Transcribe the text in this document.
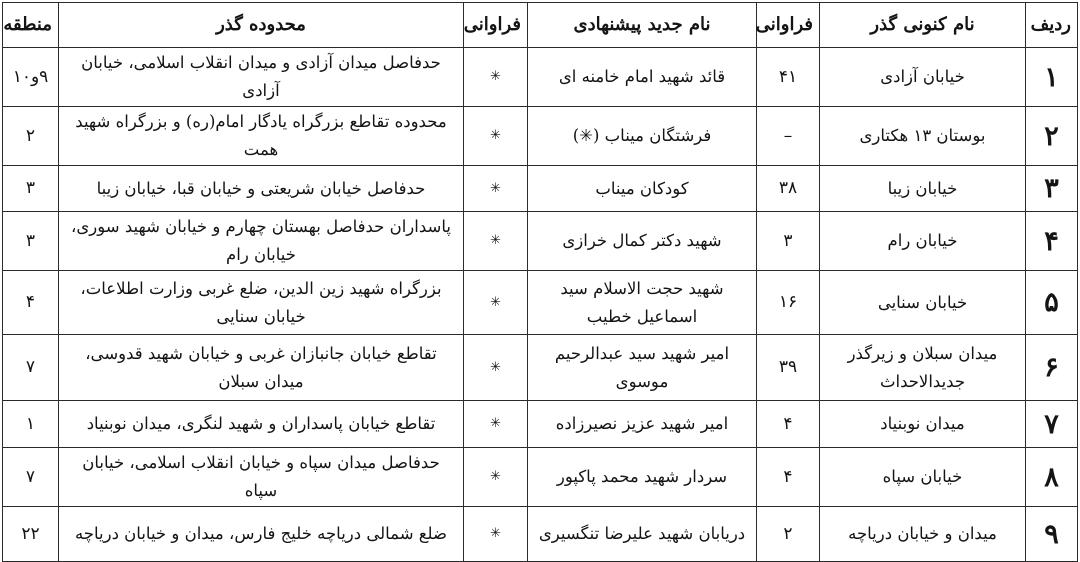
ردیف	نام کنونی گذر	فراوانی	نام جدید پیشنهادی	فراوانی	محدوده گذر	منطقه
۱	خیابان آزادی	۴۱	قائد شهید امام خامنه ای	✳	حدفاصل میدان آزادی و میدان انقلاب اسلامی، خیابان آزادی	۹و۱۰
۲	بوستان ۱۳ هکتاری	–	فرشتگان میناب (✳)	✳	محدوده تقاطع بزرگراه یادگار امام(ره) و بزرگراه شهید همت	۲
۳	خیابان زیبا	۳۸	کودکان میناب	✳	حدفاصل خیابان شریعتی و خیابان قبا، خیابان زیبا	۳
۴	خیابان رام	۳	شهید دکتر کمال خرازی	✳	پاسداران حدفاصل بهستان چهارم و خیابان شهید سوری، خیابان رام	۳
۵	خیابان سنایی	۱۶	شهید حجت الاسلام سید اسماعیل خطیب	✳	بزرگراه شهید زین الدین، ضلع غربی وزارت اطلاعات، خیابان سنایی	۴
۶	میدان سبلان و زیرگذر جدیدالاحداث	۳۹	امیر شهید سید عبدالرحیم موسوی	✳	تقاطع خیابان جانبازان غربی و خیابان شهید قدوسی، میدان سبلان	۷
۷	میدان نوبنیاد	۴	امیر شهید عزیز نصیرزاده	✳	تقاطع خیابان پاسداران و شهید لنگری، میدان نوبنیاد	۱
۸	خیابان سپاه	۴	سردار شهید محمد پاکپور	✳	حدفاصل میدان سپاه و خیابان انقلاب اسلامی، خیابان سپاه	۷
۹	میدان و خیابان دریاچه	۲	دریابان شهید علیرضا تنگسیری	✳	ضلع شمالی دریاچه خلیج فارس، میدان و خیابان دریاچه	۲۲
